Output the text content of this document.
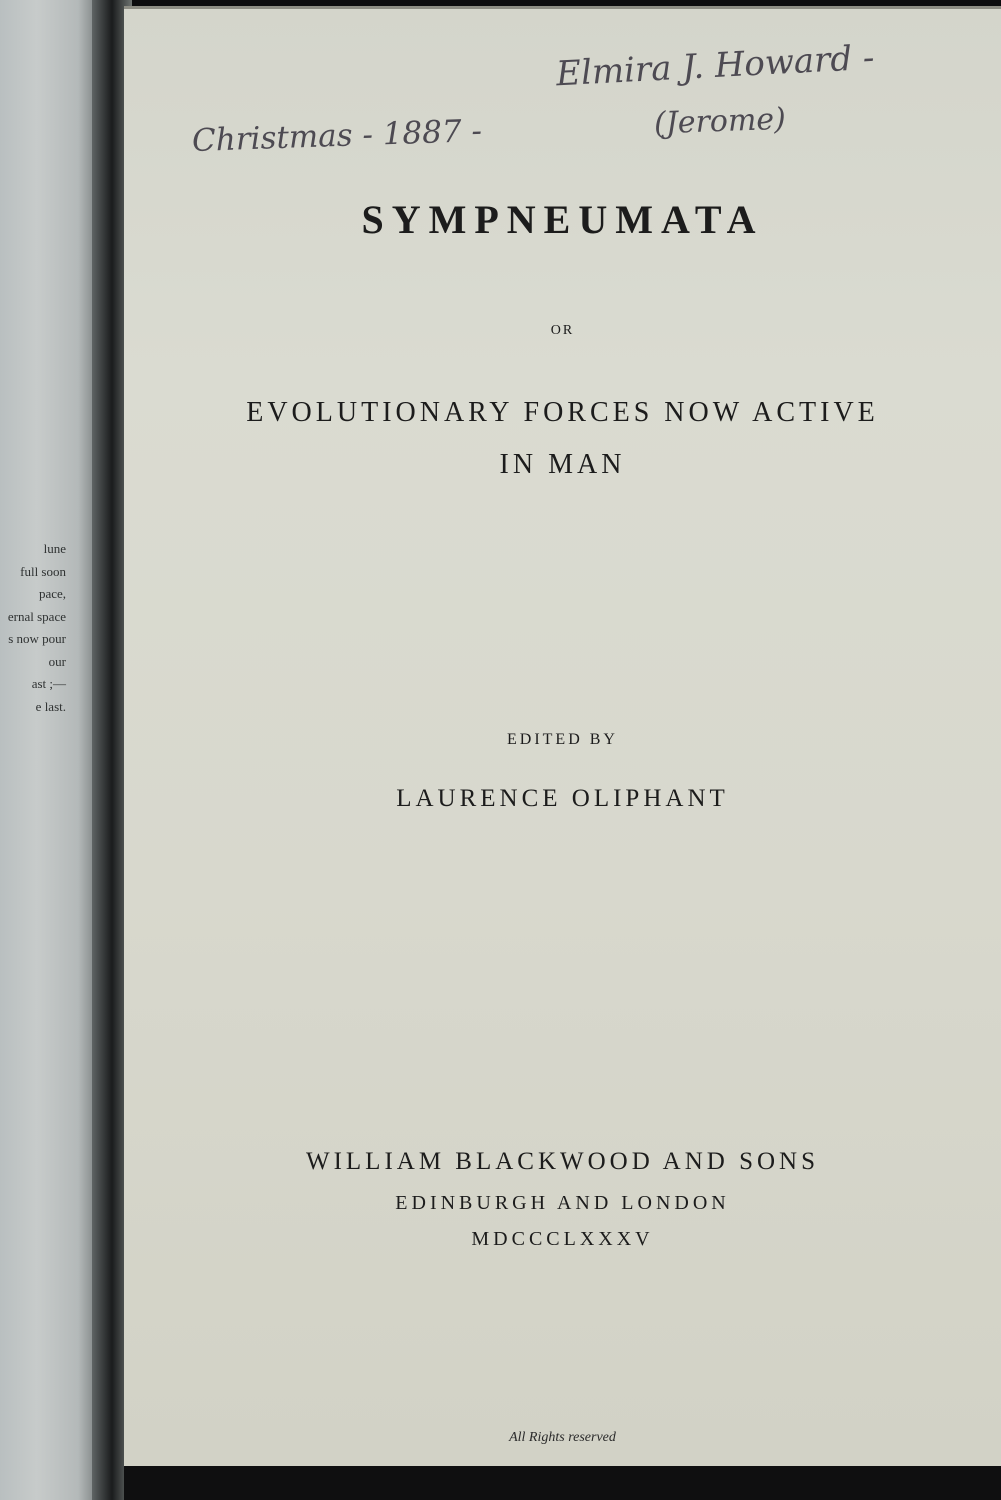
lune
full soon
pace,
ernal space
s now pour
our
ast ;—
e last.
Christmas - 1887 -
Elmira J. Howard -
(Jerome)
SYMPNEUMATA
OR
EVOLUTIONARY FORCES NOW ACTIVE
IN MAN
EDITED BY
LAURENCE OLIPHANT
WILLIAM BLACKWOOD AND SONS
EDINBURGH AND LONDON
MDCCCLXXXV
All Rights reserved
